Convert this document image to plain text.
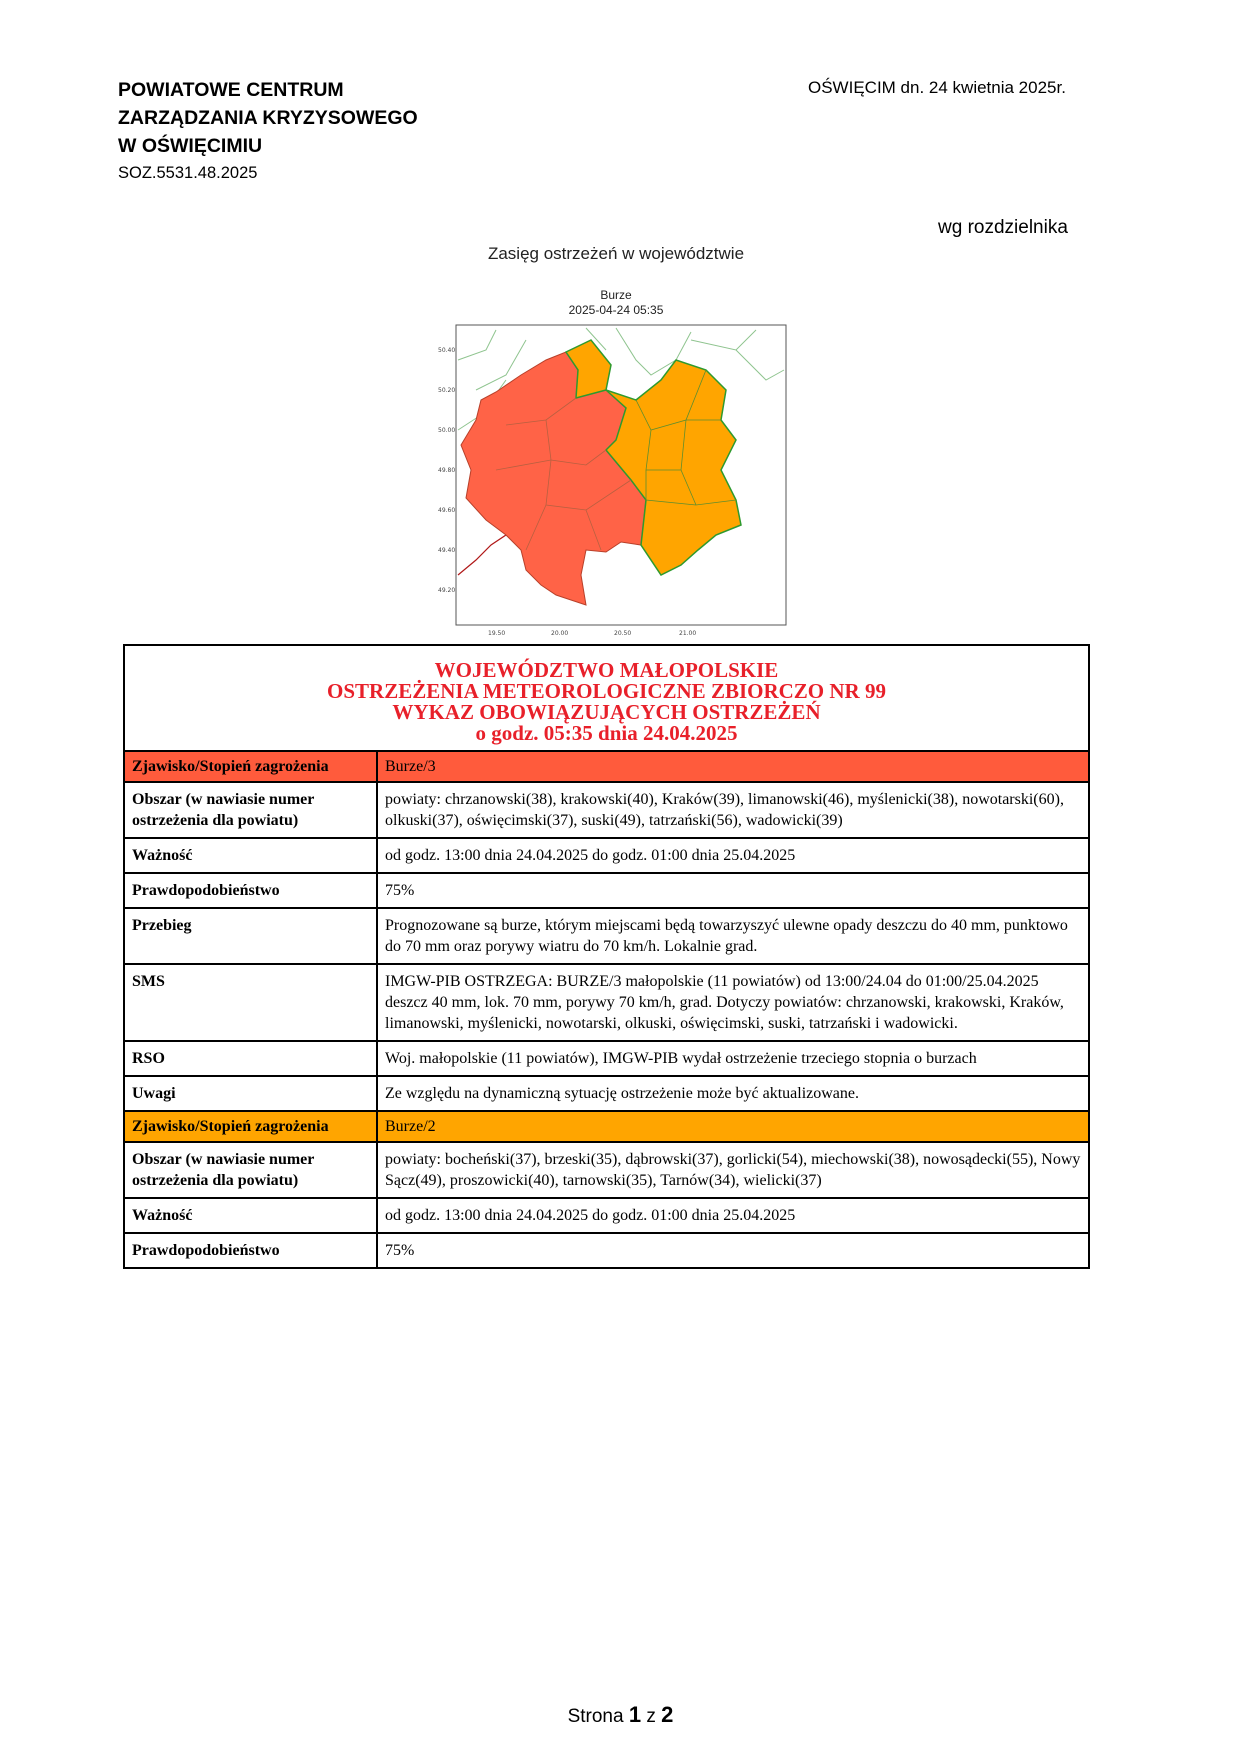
POWIATOWE CENTRUM
ZARZĄDZANIA KRYZYSOWEGO
W OŚWIĘCIMIU
SOZ.5531.48.2025
OŚWIĘCIM dn. 24 kwietnia 2025r.
wg rozdzielnika
Zasięg ostrzeżeń w województwie
Burze
2025-04-24 05:35
50.40
50.20
50.00
49.80
49.60
49.40
49.20
19.50	20.00	20.50	21.00
WOJEWÓDZTWO MAŁOPOLSKIE
OSTRZEŻENIA METEOROLOGICZNE ZBIORCZO NR 99
WYKAZ OBOWIĄZUJĄCYCH OSTRZEŻEŃ
o godz. 05:35 dnia 24.04.2025	

Zjawisko/Stopień zagrożenia	Burze/3
Obszar (w nawiasie numer ostrzeżenia dla powiatu)	powiaty: chrzanowski(38), krakowski(40), Kraków(39), limanowski(46), myślenicki(38), nowotarski(60), olkuski(37), oświęcimski(37), suski(49), tatrzański(56), wadowicki(39)
Ważność	od godz. 13:00 dnia 24.04.2025 do godz. 01:00 dnia 25.04.2025
Prawdopodobieństwo	75%
Przebieg	Prognozowane są burze, którym miejscami będą towarzyszyć ulewne opady deszczu do 40 mm, punktowo do 70 mm oraz porywy wiatru do 70 km/h. Lokalnie grad.
SMS	IMGW-PIB OSTRZEGA: BURZE/3 małopolskie (11 powiatów) od 13:00/24.04 do 01:00/25.04.2025 deszcz 40 mm, lok. 70 mm, porywy 70 km/h, grad. Dotyczy powiatów: chrzanowski, krakowski, Kraków, limanowski, myślenicki, nowotarski, olkuski, oświęcimski, suski, tatrzański i wadowicki.
RSO	Woj. małopolskie (11 powiatów), IMGW-PIB wydał ostrzeżenie trzeciego stopnia o burzach
Uwagi	Ze względu na dynamiczną sytuację ostrzeżenie może być aktualizowane.
Zjawisko/Stopień zagrożenia	Burze/2
Obszar (w nawiasie numer ostrzeżenia dla powiatu)	powiaty: bocheński(37), brzeski(35), dąbrowski(37), gorlicki(54), miechowski(38), nowosądecki(55), Nowy Sącz(49), proszowicki(40), tarnowski(35), Tarnów(34), wielicki(37)
Ważność	od godz. 13:00 dnia 24.04.2025 do godz. 01:00 dnia 25.04.2025
Prawdopodobieństwo	75%
Strona 1 z 2
